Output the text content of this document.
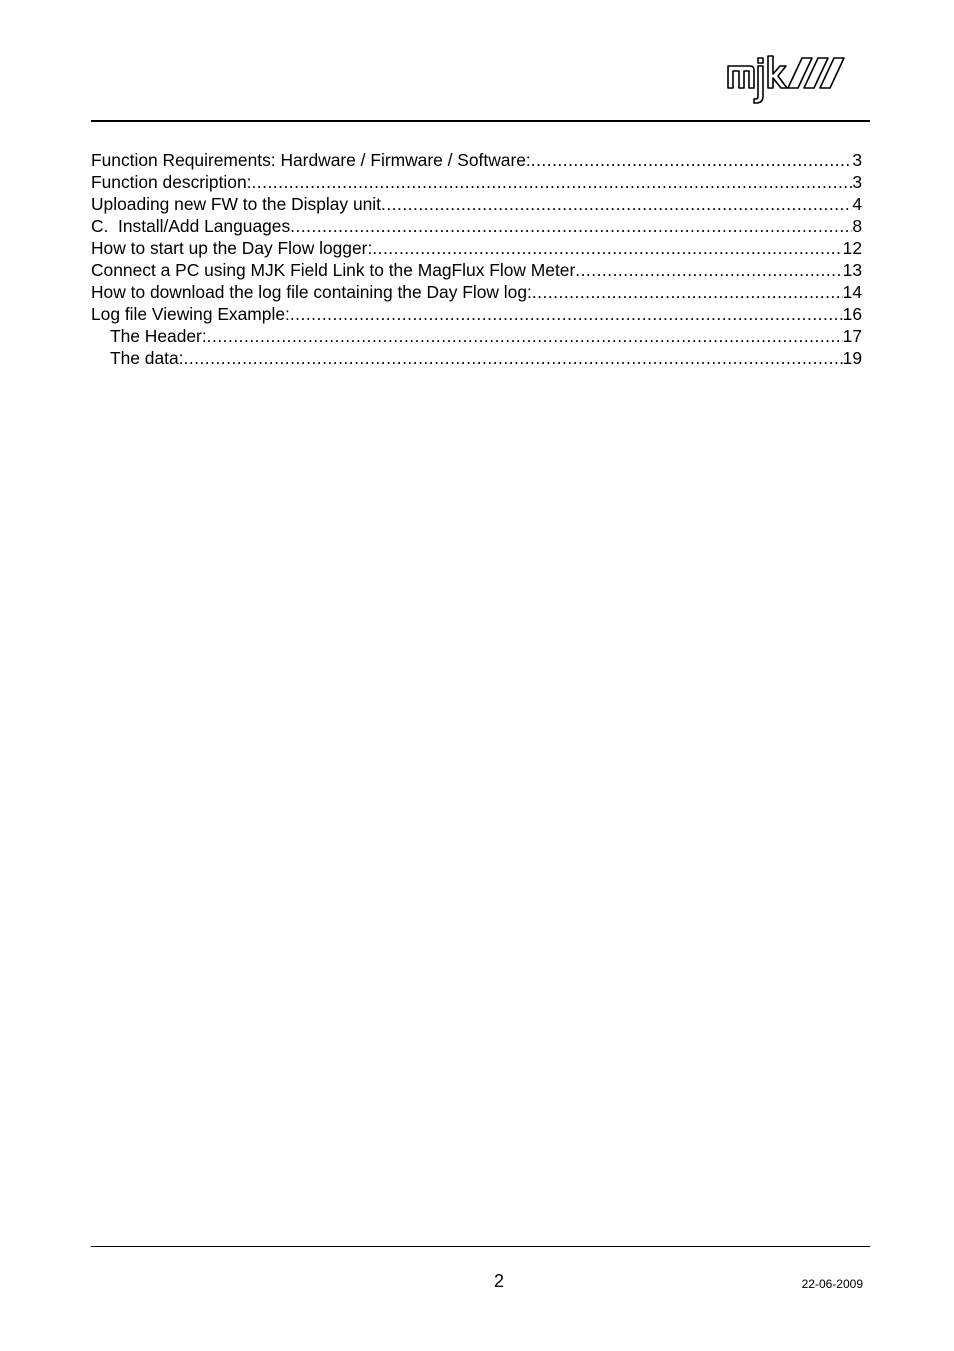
Function Requirements: Hardware / Firmware / Software: .....	3
Function description: .....	3
Uploading new FW to the Display unit .....	4
C.  Install/Add Languages .....	8
How to start up the Day Flow logger: .....	12
Connect a PC using MJK Field Link to the MagFlux Flow Meter .....	13
How to download the log file containing the Day Flow log: .....	14
Log file Viewing Example: .....	16
The Header: .....	17
The data: .....	19
2	22-06-2009
